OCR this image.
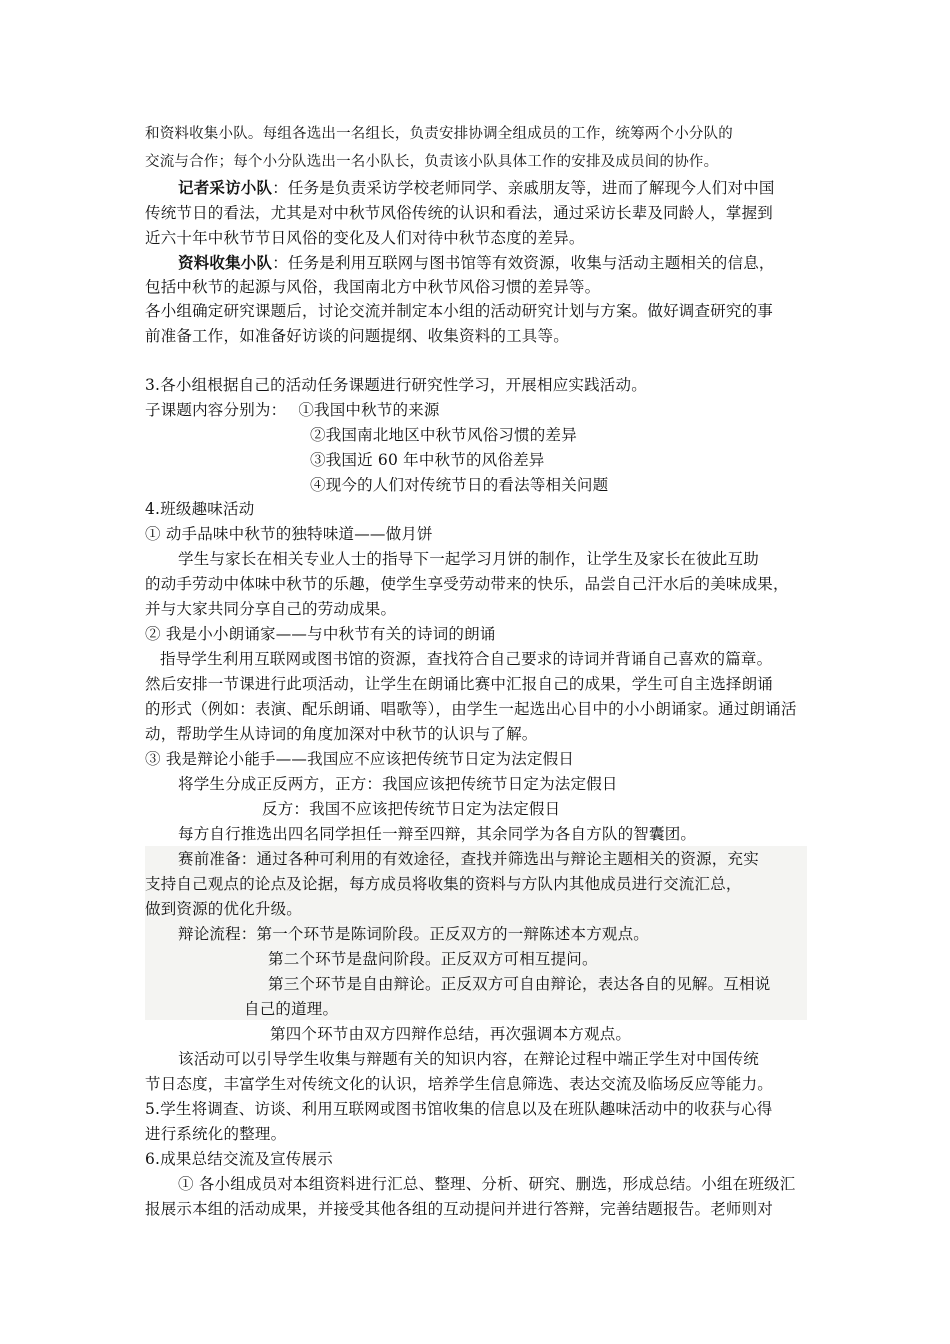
和资料收集小队。每组各选出一名组长，负责安排协调全组成员的工作，统筹两个小分队的
交流与合作；每个小分队选出一名小队长，负责该小队具体工作的安排及成员间的协作。
记者采访小队：任务是负责采访学校老师同学、亲戚朋友等，进而了解现今人们对中国
传统节日的看法，尤其是对中秋节风俗传统的认识和看法，通过采访长辈及同龄人，掌握到
近六十年中秋节节日风俗的变化及人们对待中秋节态度的差异。
资料收集小队：任务是利用互联网与图书馆等有效资源，收集与活动主题相关的信息，
包括中秋节的起源与风俗，我国南北方中秋节风俗习惯的差异等。
各小组确定研究课题后，讨论交流并制定本小组的活动研究计划与方案。做好调查研究的事
前准备工作，如准备好访谈的问题提纲、收集资料的工具等。
3.各小组根据自己的活动任务课题进行研究性学习，开展相应实践活动。
子课题内容分别为： ①我国中秋节的来源
②我国南北地区中秋节风俗习惯的差异
③我国近 60 年中秋节的风俗差异
④现今的人们对传统节日的看法等相关问题
4.班级趣味活动
① 动手品味中秋节的独特味道——做月饼
学生与家长在相关专业人士的指导下一起学习月饼的制作，让学生及家长在彼此互助
的动手劳动中体味中秋节的乐趣，使学生享受劳动带来的快乐，品尝自己汗水后的美味成果，
并与大家共同分享自己的劳动成果。
② 我是小小朗诵家——与中秋节有关的诗词的朗诵
指导学生利用互联网或图书馆的资源，查找符合自己要求的诗词并背诵自己喜欢的篇章。
然后安排一节课进行此项活动，让学生在朗诵比赛中汇报自己的成果，学生可自主选择朗诵
的形式（例如：表演、配乐朗诵、唱歌等），由学生一起选出心目中的小小朗诵家。通过朗诵活
动，帮助学生从诗词的角度加深对中秋节的认识与了解。
③ 我是辩论小能手——我国应不应该把传统节日定为法定假日
将学生分成正反两方，正方：我国应该把传统节日定为法定假日
反方：我国不应该把传统节日定为法定假日
每方自行推选出四名同学担任一辩至四辩，其余同学为各自方队的智囊团。
赛前准备：通过各种可利用的有效途径，查找并筛选出与辩论主题相关的资源，充实
支持自己观点的论点及论据，每方成员将收集的资料与方队内其他成员进行交流汇总，
做到资源的优化升级。
辩论流程：第一个环节是陈词阶段。正反双方的一辩陈述本方观点。
第二个环节是盘问阶段。正反双方可相互提问。
第三个环节是自由辩论。正反双方可自由辩论，表达各自的见解。互相说
自己的道理。
第四个环节由双方四辩作总结，再次强调本方观点。
该活动可以引导学生收集与辩题有关的知识内容，在辩论过程中端正学生对中国传统
节日态度，丰富学生对传统文化的认识，培养学生信息筛选、表达交流及临场反应等能力。
5.学生将调查、访谈、利用互联网或图书馆收集的信息以及在班队趣味活动中的收获与心得
进行系统化的整理。
6.成果总结交流及宣传展示
① 各小组成员对本组资料进行汇总、整理、分析、研究、删选，形成总结。小组在班级汇
报展示本组的活动成果，并接受其他各组的互动提问并进行答辩，完善结题报告。老师则对
